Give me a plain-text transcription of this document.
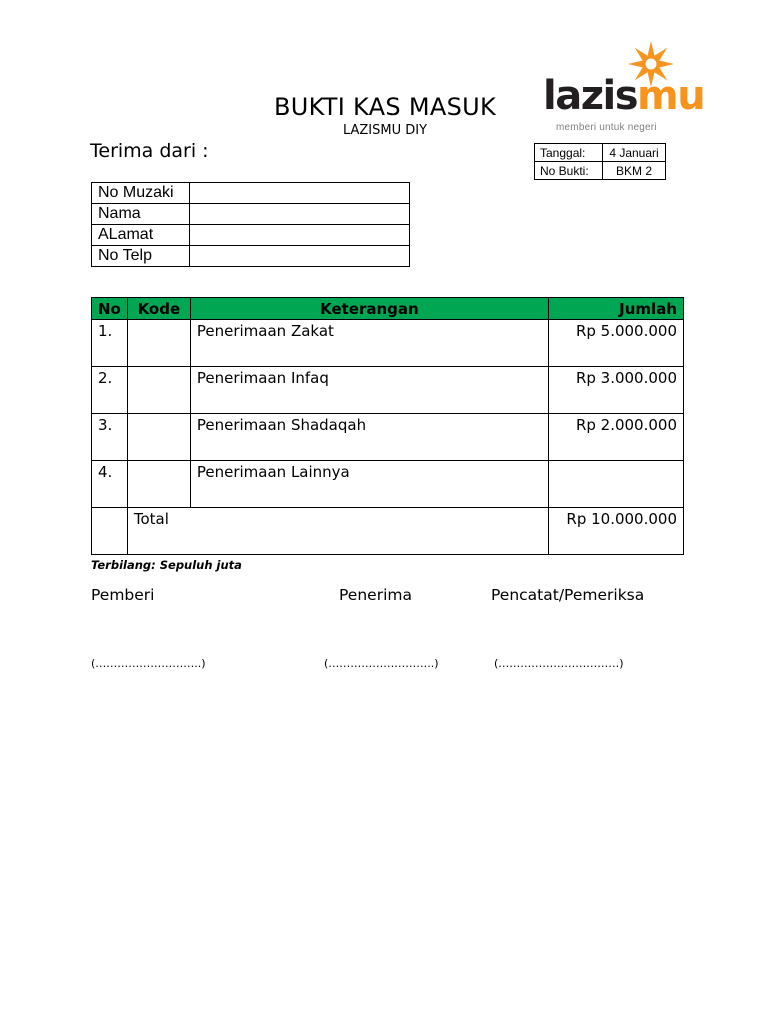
BUKTI KAS MASUK
LAZISMU DIY
Terima dari :
lazismu
memberi untuk negeri
Tanggal:	4 Januari
No Bukti:	BKM 2
No Muzaki	
Nama	
ALamat	
No Telp	
No	Kode	Keterangan	Jumlah
1.		Penerimaan Zakat	Rp 5.000.000
2.		Penerimaan Infaq	Rp 3.000.000
3.		Penerimaan Shadaqah	Rp 2.000.000
4.		Penerimaan Lainnya	
	Total		Rp 10.000.000
Terbilang: Sepuluh juta
Pemberi	Penerima	Pencatat/Pemeriksa
(………………………..)	(………………………..)	(……………………………)
